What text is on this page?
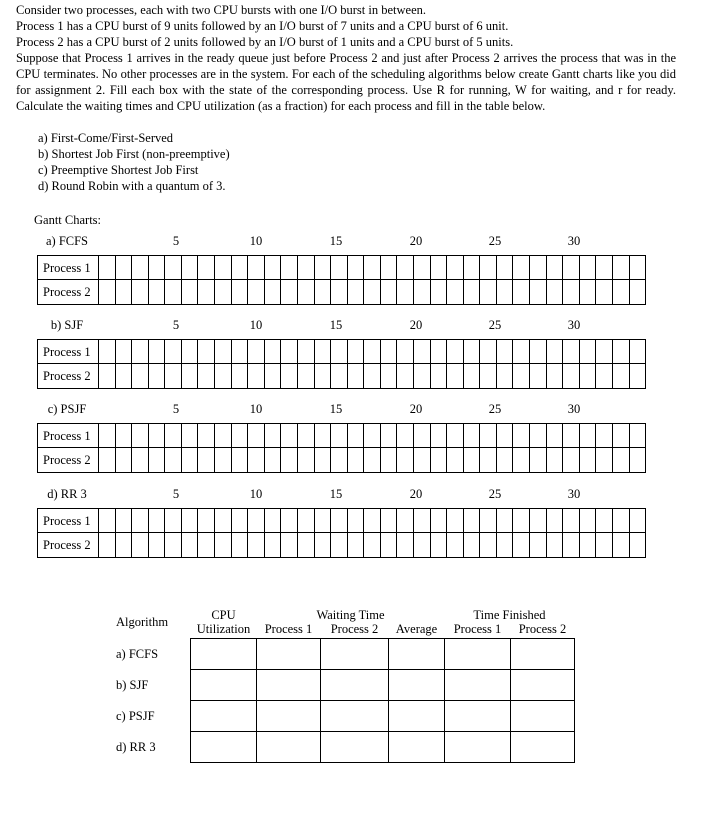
Consider two processes, each with two CPU bursts with one I/O burst in between.

Process 1 has a CPU burst of 9 units followed by an I/O burst of 7 units and a CPU burst of 6 unit.

Process 2 has a CPU burst of 2 units followed by an I/O burst of 1 units and a CPU burst of 5 units.

Suppose that Process 1 arrives in the ready queue just before Process 2 and just after Process 2 arrives the process that was in the CPU terminates. No other processes are in the system. For each of the scheduling algorithms below create Gantt charts like you did for assignment 2. Fill each box with the state of the corresponding process. Use R for running, W for waiting, and r for ready. Calculate the waiting times and CPU utilization (as a fraction) for each process and fill in the table below.

a) First-Come/First-Served
b) Shortest Job First (non-preemptive)
c) Preemptive Shortest Job First
d) Round Robin with a quantum of 3.
Gantt Charts:
a) FCFS	5	10	15	20	25	30
Process 1
Process 2
b) SJF	5	10	15	20	25	30
Process 1
Process 2
c) PSJF	5	10	15	20	25	30
Process 1
Process 2
d) RR 3	5	10	15	20	25	30
Process 1
Process 2
Algorithm	CPU	Waiting Time			Time Finished	
	Utilization	Process 1	Process 2	Average	Process 1	Process 2

a) FCFS						
b) SJF						
c) PSJF						
d) RR 3						
